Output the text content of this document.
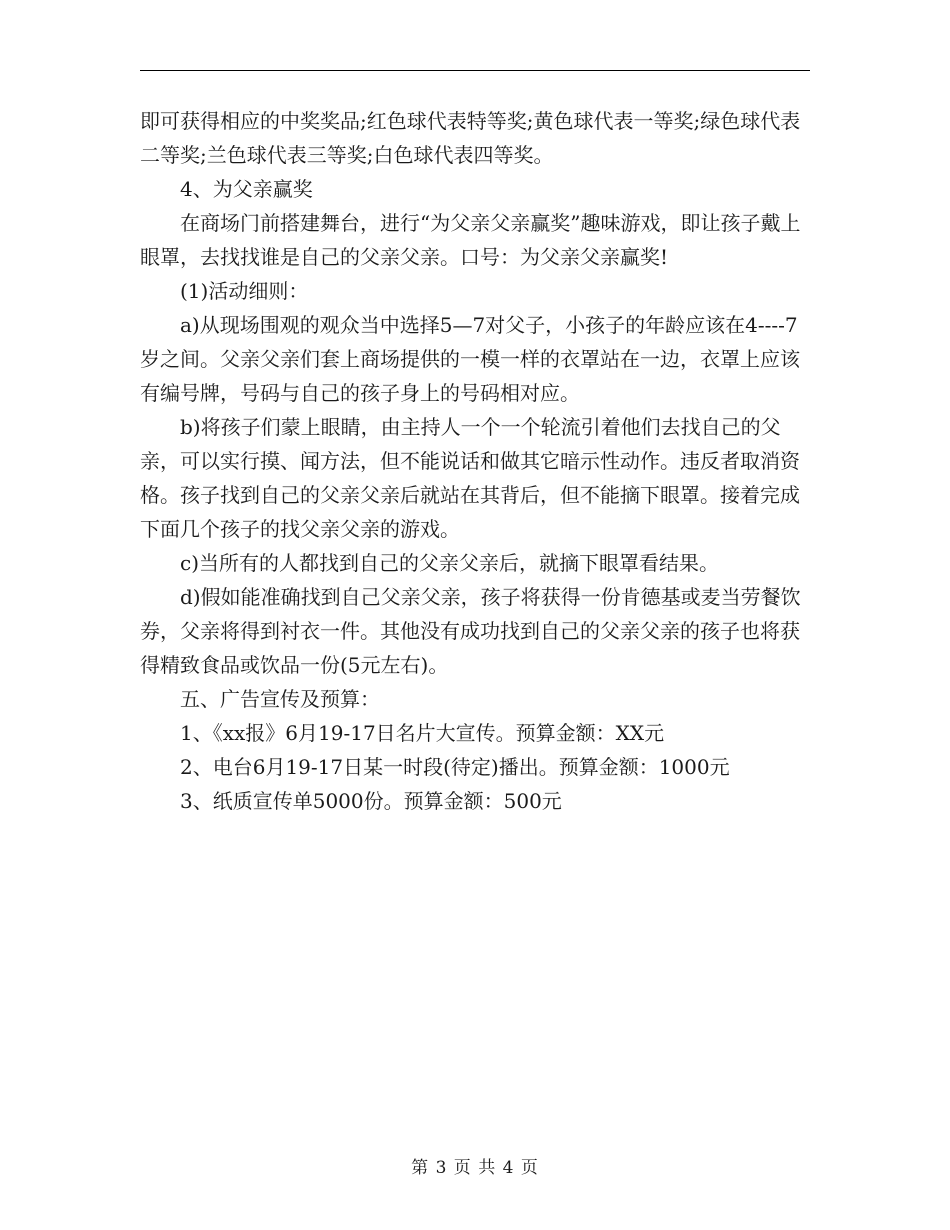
即可获得相应的中奖奖品;红色球代表特等奖;黄色球代表一等奖;绿色球代表二等奖;兰色球代表三等奖;白色球代表四等奖。

4、为父亲赢奖

在商场门前搭建舞台，进行“为父亲父亲赢奖”趣味游戏，即让孩子戴上眼罩，去找找谁是自己的父亲父亲。口号：为父亲父亲赢奖!

(1)活动细则：

a)从现场围观的观众当中选择5—7对父子，小孩子的年龄应该在4----7岁之间。父亲父亲们套上商场提供的一模一样的衣罩站在一边，衣罩上应该有编号牌，号码与自己的孩子身上的号码相对应。

b)将孩子们蒙上眼睛，由主持人一个一个轮流引着他们去找自己的父亲，可以实行摸、闻方法，但不能说话和做其它暗示性动作。违反者取消资格。孩子找到自己的父亲父亲后就站在其背后，但不能摘下眼罩。接着完成下面几个孩子的找父亲父亲的游戏。

c)当所有的人都找到自己的父亲父亲后，就摘下眼罩看结果。

d)假如能准确找到自己父亲父亲，孩子将获得一份肯德基或麦当劳餐饮券，父亲将得到衬衣一件。其他没有成功找到自己的父亲父亲的孩子也将获得精致食品或饮品一份(5元左右)。

五、广告宣传及预算：

1、《xx报》6月19-17日名片大宣传。预算金额：XX元

2、电台6月19-17日某一时段(待定)播出。预算金额：1000元

3、纸质宣传单5000份。预算金额：500元

第 3 页 共 4 页
